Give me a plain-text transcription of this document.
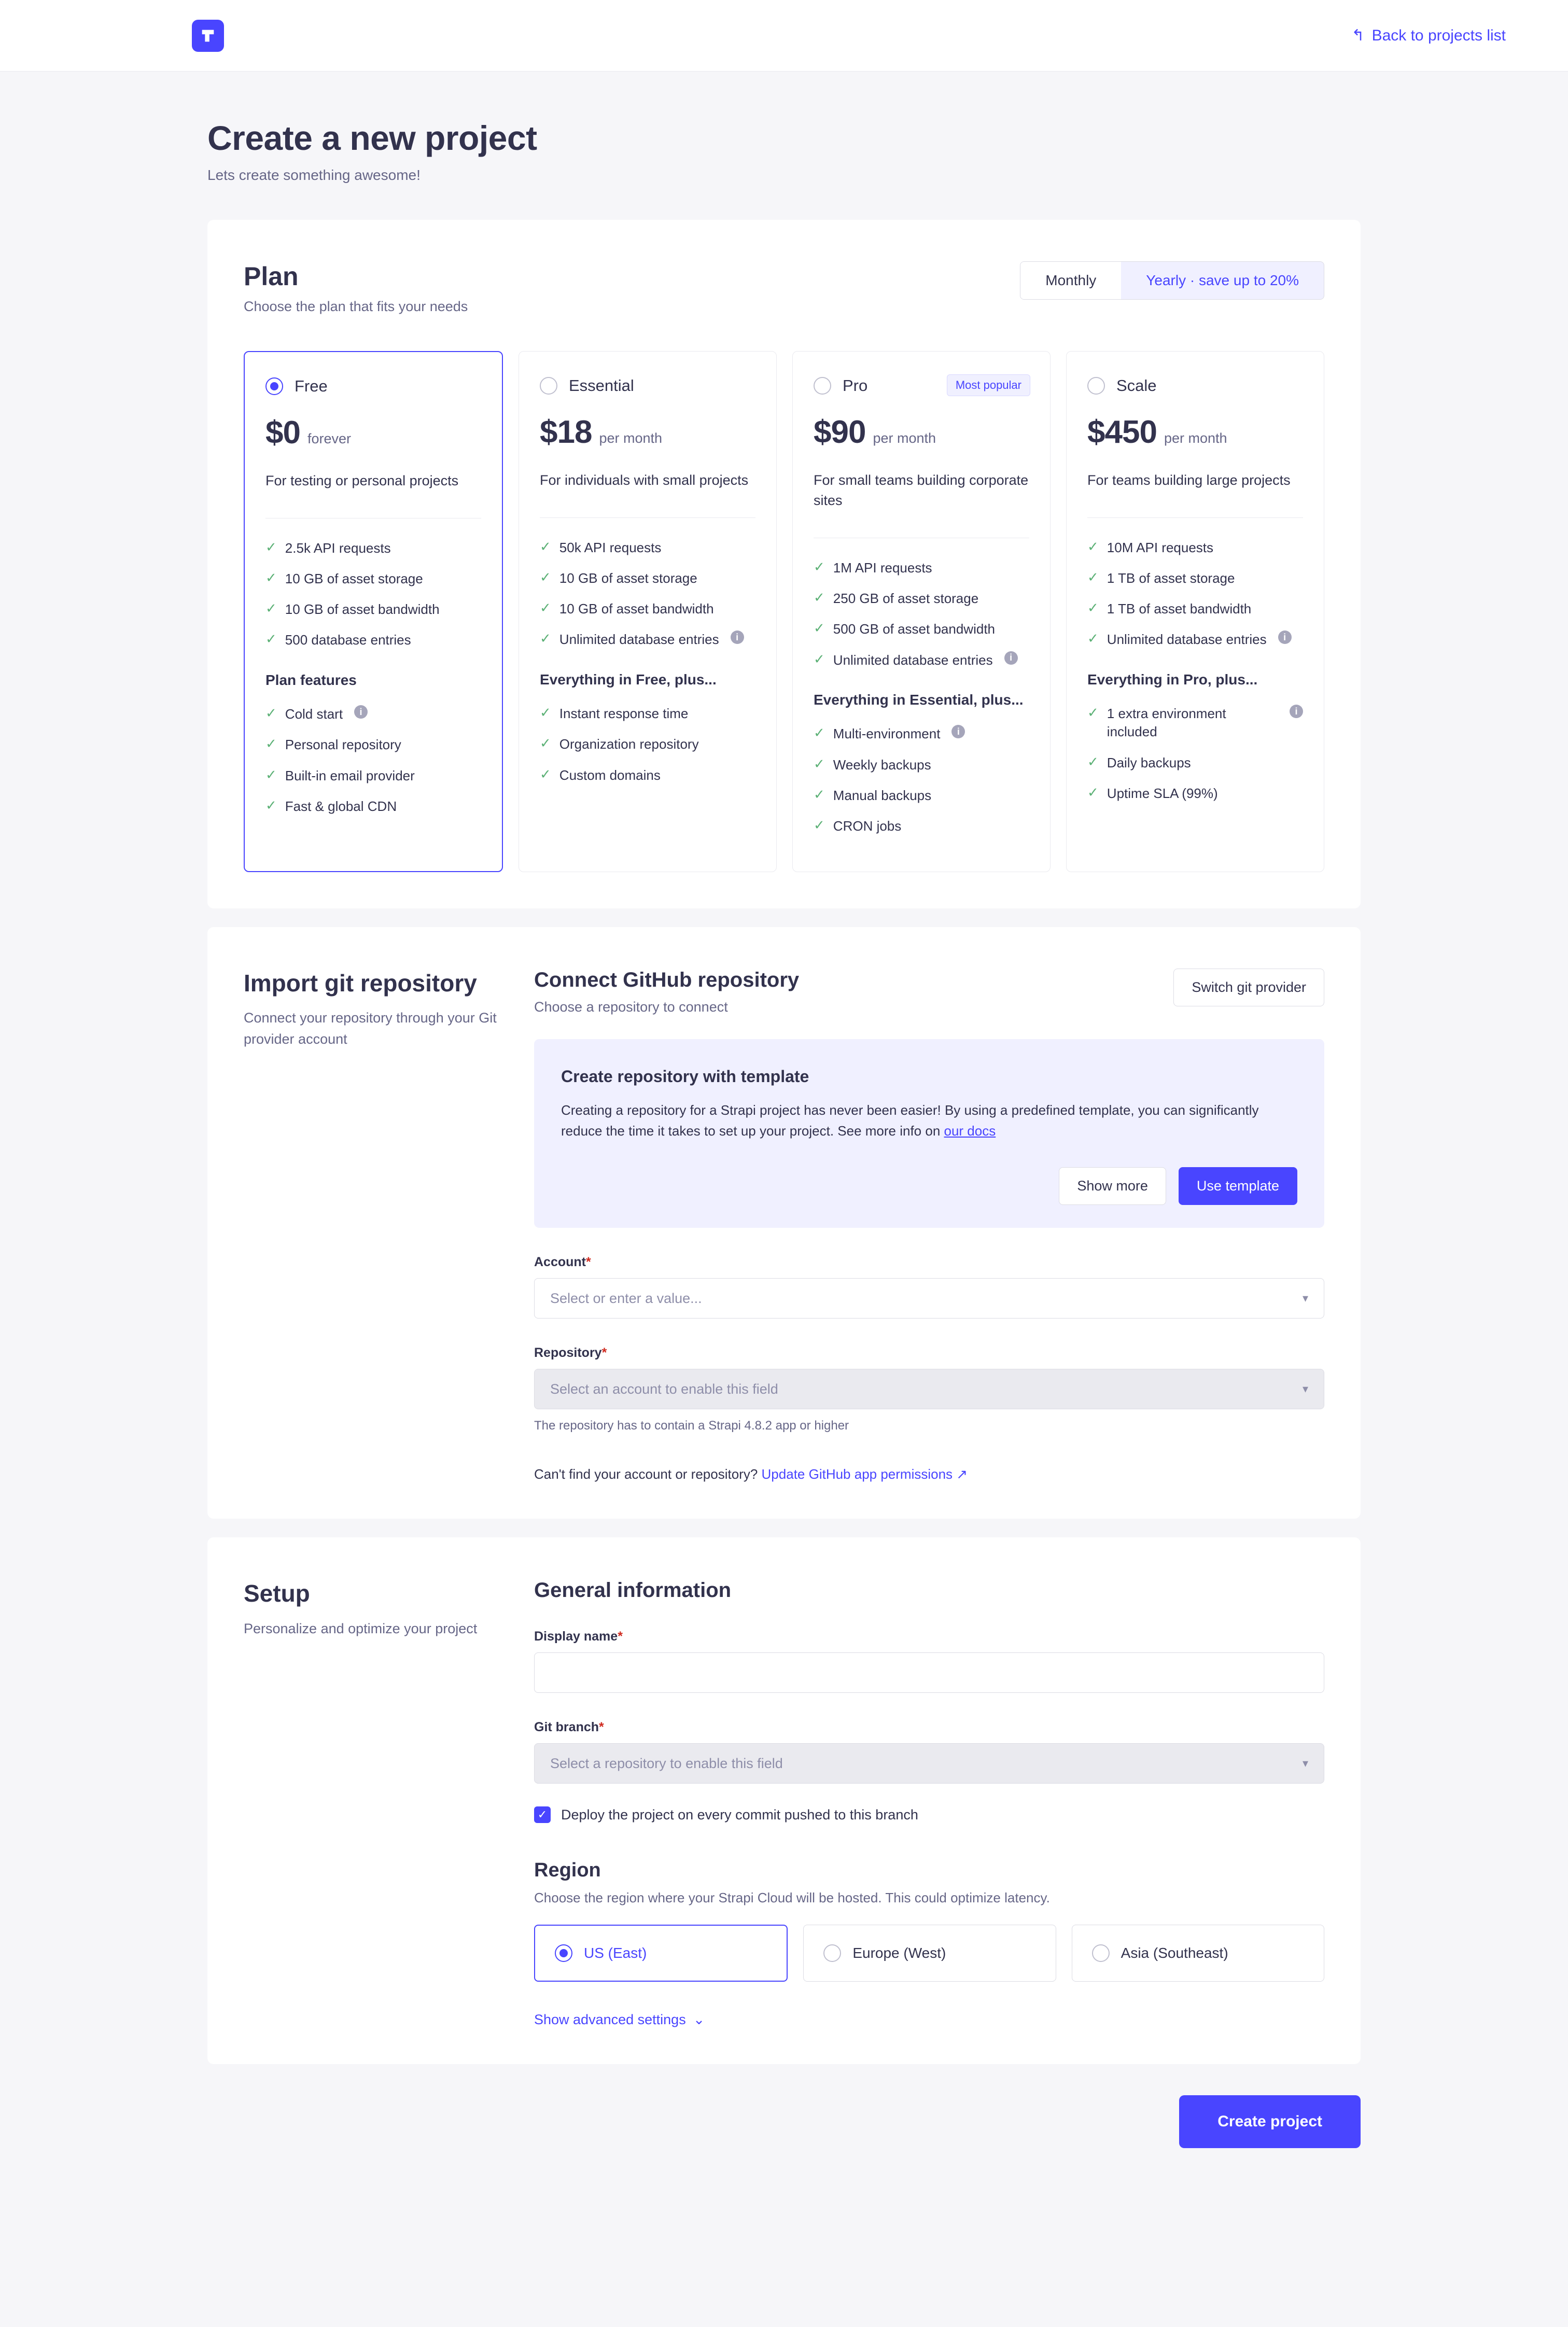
↰ Back to projects list
Create a new project
Lets create something awesome!
Plan
Choose the plan that fits your needs
Monthly	Yearly · save up to 20%
Free
$0 forever
For testing or personal projects
✓ 2.5k API requests
✓ 10 GB of asset storage
✓ 10 GB of asset bandwidth
✓ 500 database entries
Plan features
✓ Cold start	i
✓ Personal repository
✓ Built-in email provider
✓ Fast & global CDN
Essential
$18 per month
For individuals with small projects
✓ 50k API requests
✓ 10 GB of asset storage
✓ 10 GB of asset bandwidth
✓ Unlimited database entries	i
Everything in Free, plus...
✓ Instant response time
✓ Organization repository
✓ Custom domains
Most popular
Pro
$90 per month
For small teams building corporate sites
✓ 1M API requests
✓ 250 GB of asset storage
✓ 500 GB of asset bandwidth
✓ Unlimited database entries	i
Everything in Essential, plus...
✓ Multi-environment	i
✓ Weekly backups
✓ Manual backups
✓ CRON jobs
Scale
$450 per month
For teams building large projects
✓ 10M API requests
✓ 1 TB of asset storage
✓ 1 TB of asset bandwidth
✓ Unlimited database entries	i
Everything in Pro, plus...
✓ 1 extra environment included
i
✓ Daily backups
✓ Uptime SLA (99%)
Import git repository
Connect your repository through your Git provider account
Connect GitHub repository
Choose a repository to connect
Switch git provider
Create repository with template
Creating a repository for a Strapi project has never been easier! By using a predefined template, you can significantly reduce the time it takes to set up your project. See more info on our docs
Show more	Use template
Account*
Select or enter a value...	▾
Repository*
Select an account to enable this field	▾
The repository has to contain a Strapi 4.8.2 app or higher
Can't find your account or repository? Update GitHub app permissions ↗
Setup
Personalize and optimize your project
General information
Display name*
Git branch*
Select a repository to enable this field	▾
✓ Deploy the project on every commit pushed to this branch
Region
Choose the region where your Strapi Cloud will be hosted. This could optimize latency.
US (East)	Europe (West)	Asia (Southeast)
Show advanced settings ⌄
Create project
